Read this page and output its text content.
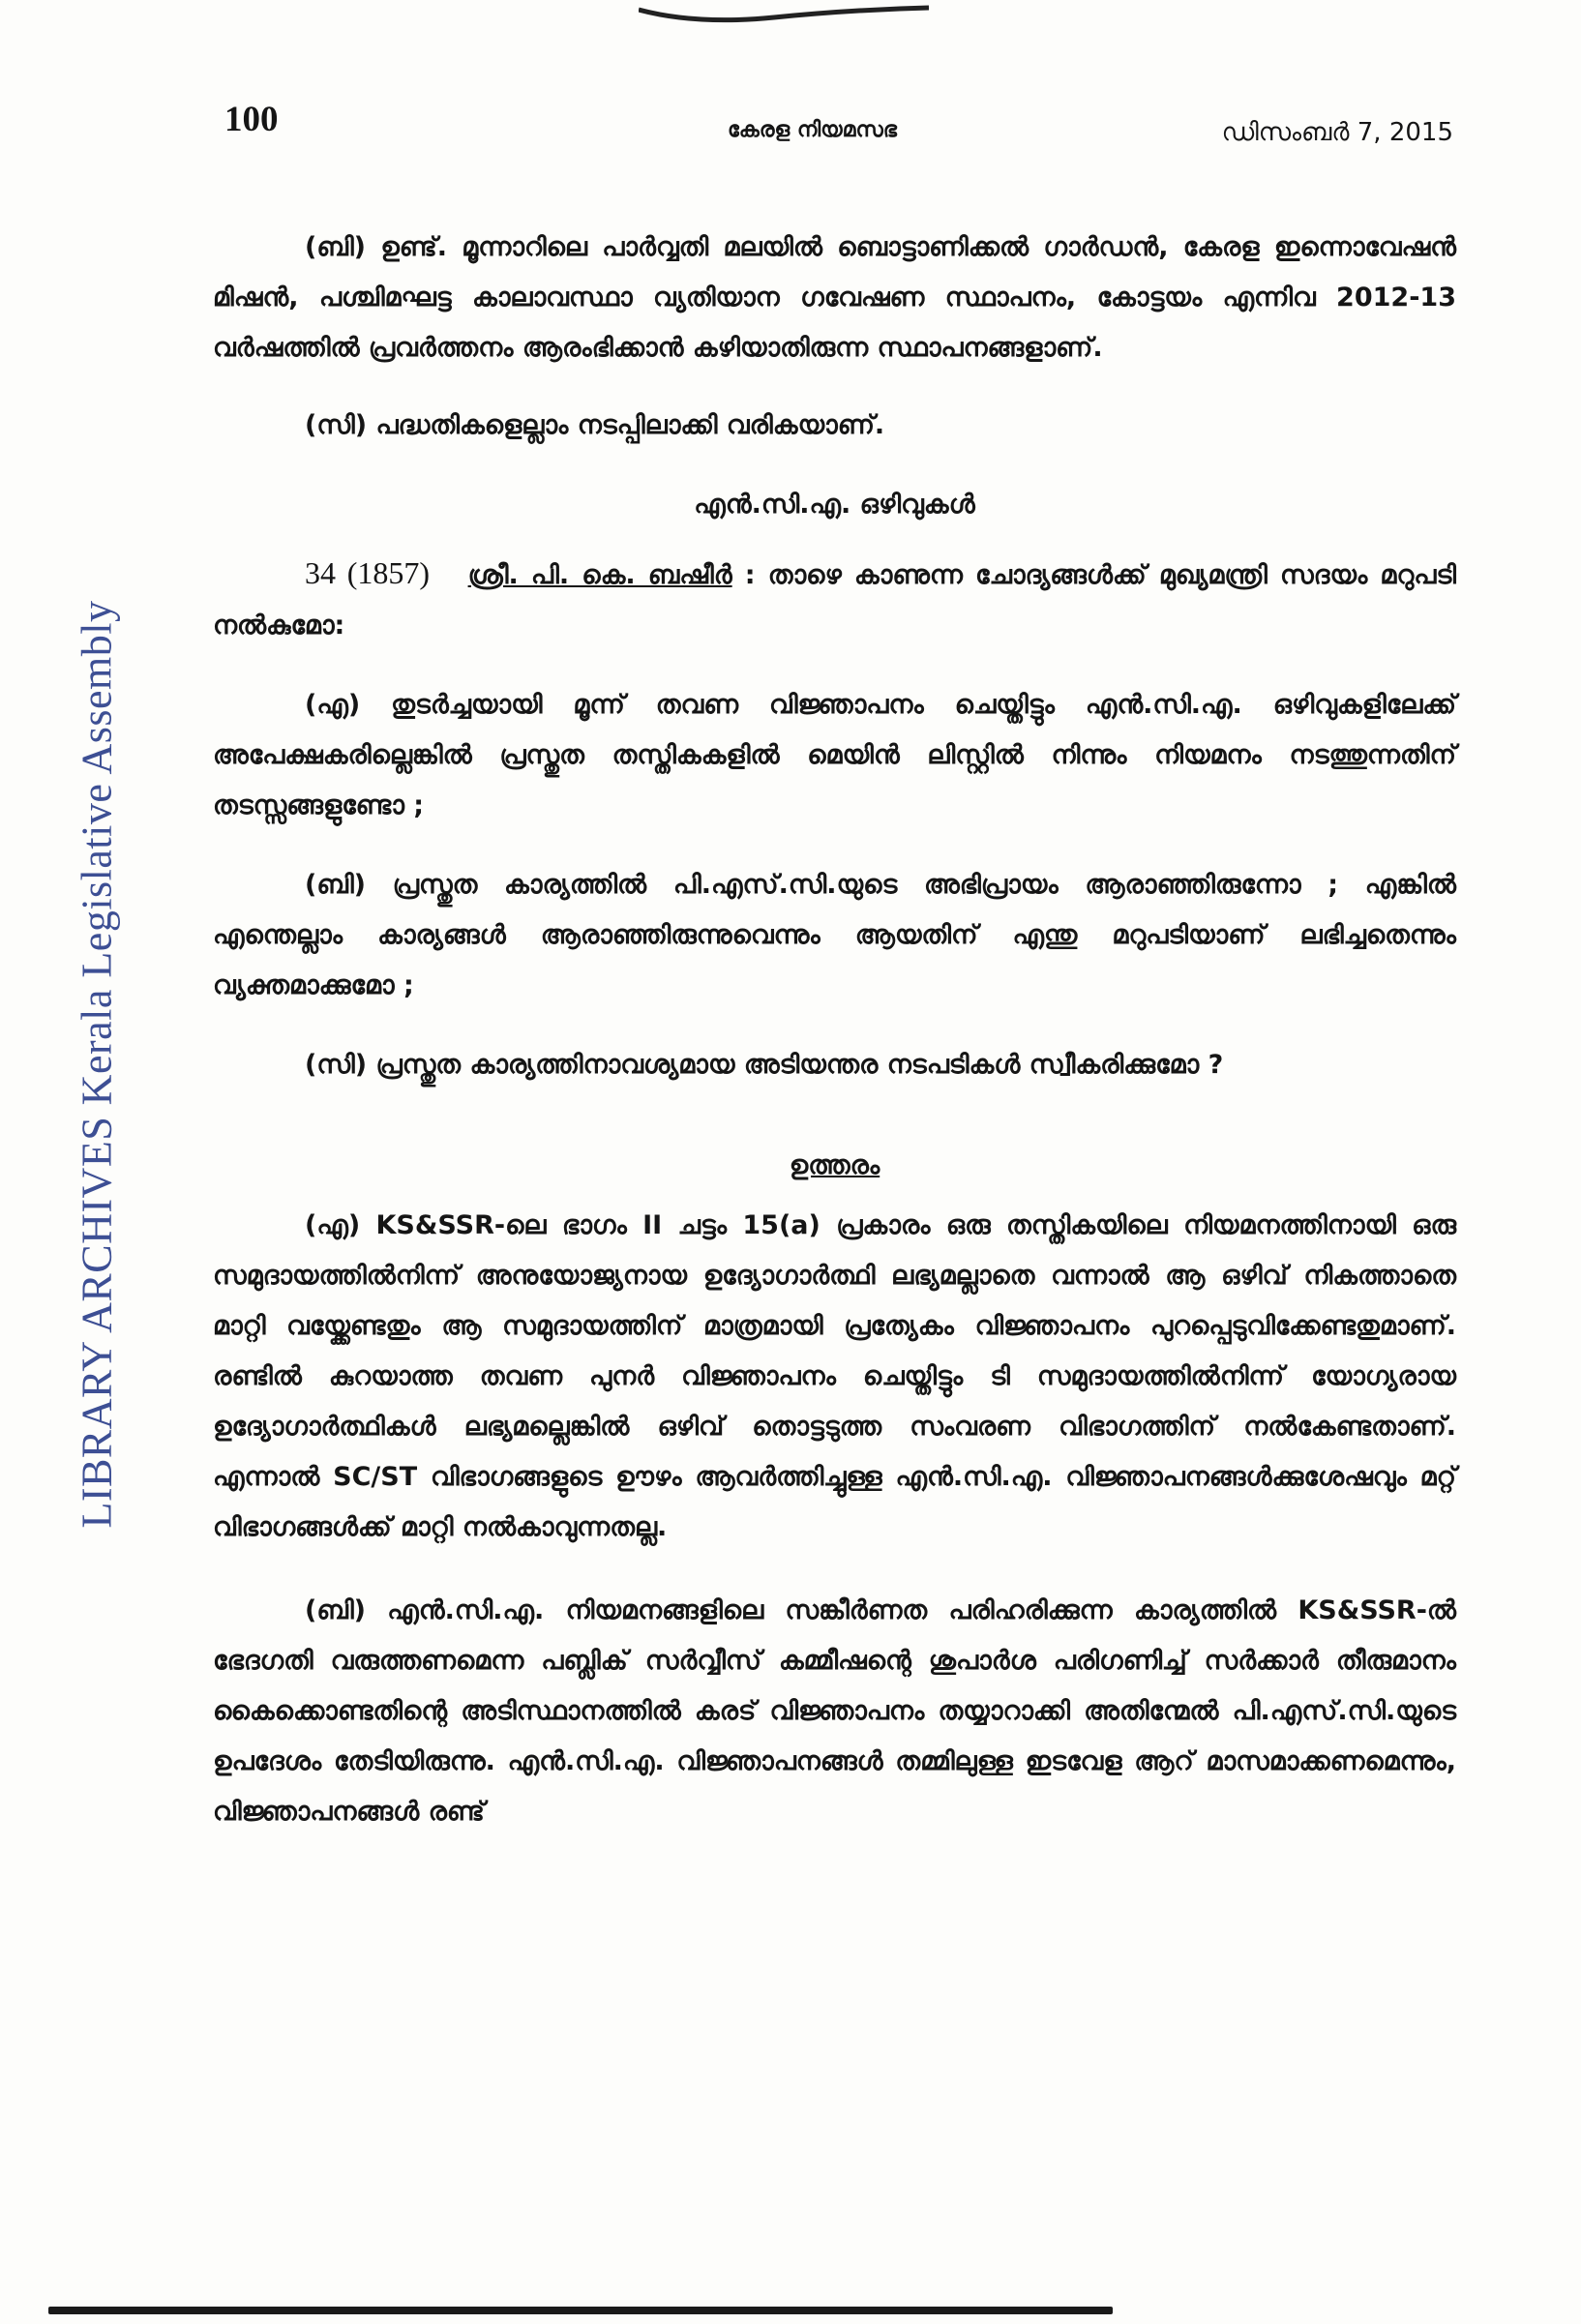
LIBRARY ARCHIVES Kerala Legislative Assembly
100	കേരള നിയമസഭ	ഡിസംബർ 7, 2015

(ബി) ഉണ്ട്. മൂന്നാറിലെ പാർവ്വതി മലയിൽ ബൊട്ടാണിക്കൽ ഗാർഡൻ, കേരള ഇന്നൊവേഷൻ മിഷൻ, പശ്ചിമഘട്ട കാലാവസ്ഥാ വ്യതിയാന ഗവേഷണ സ്ഥാപനം, കോട്ടയം എന്നിവ 2012-13 വർഷത്തിൽ പ്രവർത്തനം ആരംഭിക്കാൻ കഴിയാതിരുന്ന സ്ഥാപനങ്ങളാണ്.

(സി) പദ്ധതികളെല്ലാം നടപ്പിലാക്കി വരികയാണ്.

എൻ.സി.എ. ഒഴിവുകൾ

34 (1857) ശ്രീ. പി. കെ. ബഷീർ : താഴെ കാണുന്ന ചോദ്യങ്ങൾക്ക് മുഖ്യമന്ത്രി സദയം മറുപടി നൽകുമോ:

(എ) തുടർച്ചയായി മൂന്ന് തവണ വിജ്ഞാപനം ചെയ്തിട്ടും എൻ.സി.എ. ഒഴിവുകളിലേക്ക് അപേക്ഷകരില്ലെങ്കിൽ പ്രസ്തുത തസ്തികകളിൽ മെയിൻ ലിസ്റ്റിൽ നിന്നും നിയമനം നടത്തുന്നതിന് തടസ്സങ്ങളുണ്ടോ ;

(ബി) പ്രസ്തുത കാര്യത്തിൽ പി.എസ്.സി.യുടെ അഭിപ്രായം ആരാഞ്ഞിരുന്നോ ; എങ്കിൽ എന്തെല്ലാം കാര്യങ്ങൾ ആരാഞ്ഞിരുന്നുവെന്നും ആയതിന് എന്തു മറുപടിയാണ് ലഭിച്ചതെന്നും വ്യക്തമാക്കുമോ ;

(സി) പ്രസ്തുത കാര്യത്തിനാവശ്യമായ അടിയന്തര നടപടികൾ സ്വീകരിക്കുമോ ?

ഉത്തരം

(എ) KS&SSR-ലെ ഭാഗം II ചട്ടം 15(a) പ്രകാരം ഒരു തസ്തികയിലെ നിയമനത്തിനായി ഒരു സമുദായത്തിൽനിന്ന് അനുയോജ്യനായ ഉദ്യോഗാർത്ഥി ലഭ്യമല്ലാതെ വന്നാൽ ആ ഒഴിവ് നികത്താതെ മാറ്റി വയ്ക്കേണ്ടതും ആ സമുദായത്തിന് മാത്രമായി പ്രത്യേകം വിജ്ഞാപനം പുറപ്പെടുവിക്കേണ്ടതുമാണ്. രണ്ടിൽ കുറയാത്ത തവണ പുനർ വിജ്ഞാപനം ചെയ്തിട്ടും ടി സമുദായത്തിൽനിന്ന് യോഗ്യരായ ഉദ്യോഗാർത്ഥികൾ ലഭ്യമല്ലെങ്കിൽ ഒഴിവ് തൊട്ടടുത്ത സംവരണ വിഭാഗത്തിന് നൽകേണ്ടതാണ്. എന്നാൽ SC/ST വിഭാഗങ്ങളുടെ ഊഴം ആവർത്തിച്ചുള്ള എൻ.സി.എ. വിജ്ഞാപനങ്ങൾക്കുശേഷവും മറ്റ് വിഭാഗങ്ങൾക്ക് മാറ്റി നൽകാവുന്നതല്ല.

(ബി) എൻ.സി.എ. നിയമനങ്ങളിലെ സങ്കീർണത പരിഹരിക്കുന്ന കാര്യത്തിൽ KS&SSR-ൽ ഭേദഗതി വരുത്തണമെന്ന പബ്ലിക് സർവ്വീസ് കമ്മീഷന്റെ ശുപാർശ പരിഗണിച്ച് സർക്കാർ തീരുമാനം കൈക്കൊണ്ടതിന്റെ അടിസ്ഥാനത്തിൽ കരട് വിജ്ഞാപനം തയ്യാറാക്കി അതിന്മേൽ പി.എസ്.സി.യുടെ ഉപദേശം തേടിയിരുന്നു. എൻ.സി.എ. വിജ്ഞാപനങ്ങൾ തമ്മിലുള്ള ഇടവേള ആറ് മാസമാക്കണമെന്നും, വിജ്ഞാപനങ്ങൾ രണ്ട്
